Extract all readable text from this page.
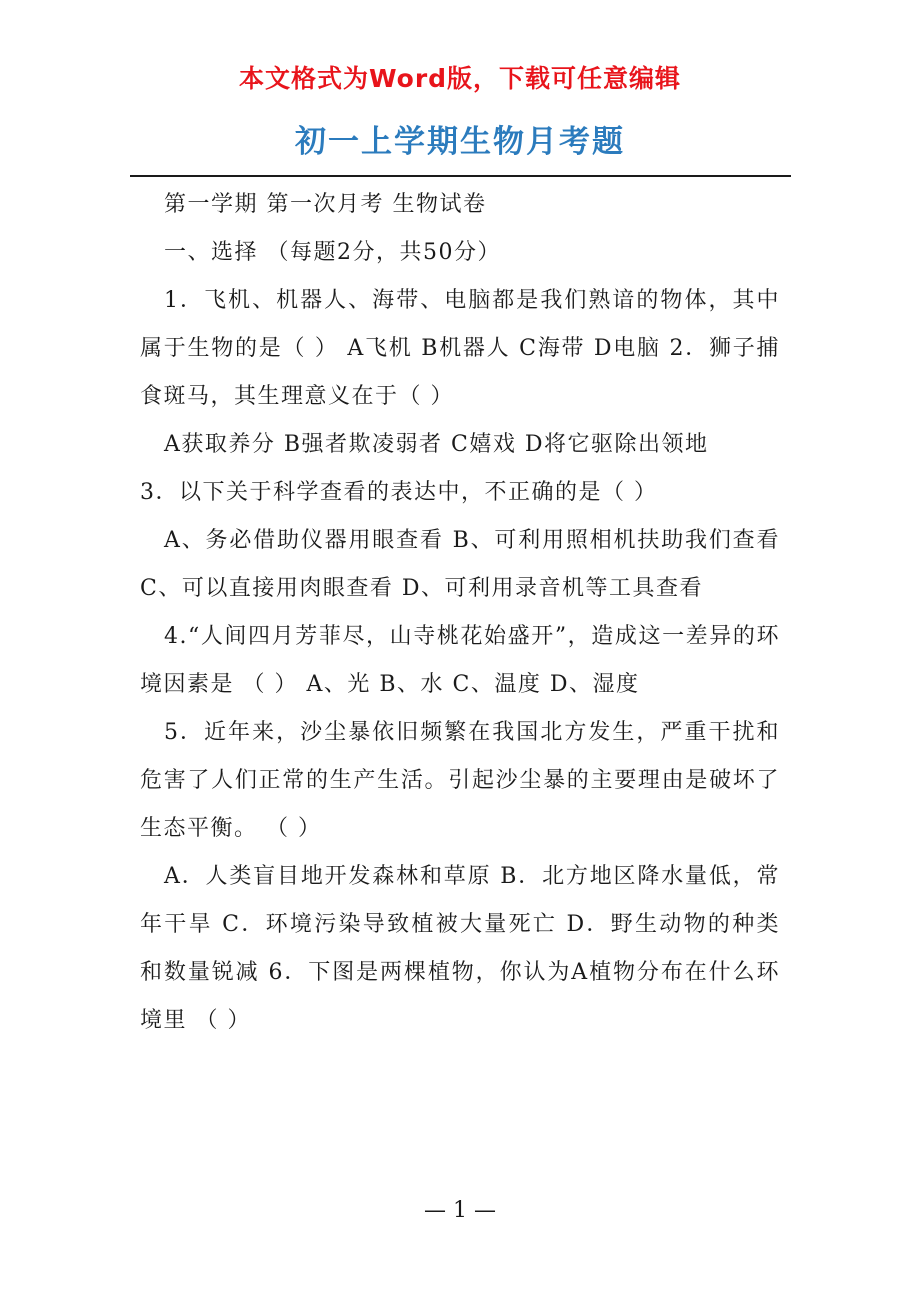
本文格式为Word版，下载可任意编辑
初一上学期生物月考题

第一学期 第一次月考 生物试卷

一、选择 （每题2分，共50分）

1．飞机、机器人、海带、电脑都是我们熟谙的物体，其中属于生物的是（ ） A飞机 B机器人 C海带 D电脑 2．狮子捕食斑马，其生理意义在于（ ）

A获取养分 B强者欺凌弱者 C嬉戏 D将它驱除出领地

3．以下关于科学查看的表达中，不正确的是（ ）

A、务必借助仪器用眼查看 B、可利用照相机扶助我们查看 C、可以直接用肉眼查看 D、可利用录音机等工具查看

4.“人间四月芳菲尽，山寺桃花始盛开”，造成这一差异的环境因素是 （ ） A、光 B、水 C、温度 D、湿度

5．近年来，沙尘暴依旧频繁在我国北方发生，严重干扰和危害了人们正常的生产生活。引起沙尘暴的主要理由是破坏了生态平衡。 （ ）

A．人类盲目地开发森林和草原 B．北方地区降水量低，常年干旱 C．环境污染导致植被大量死亡 D．野生动物的种类和数量锐减 6．下图是两棵植物，你认为A植物分布在什么环境里 （ ）

— 1 —
